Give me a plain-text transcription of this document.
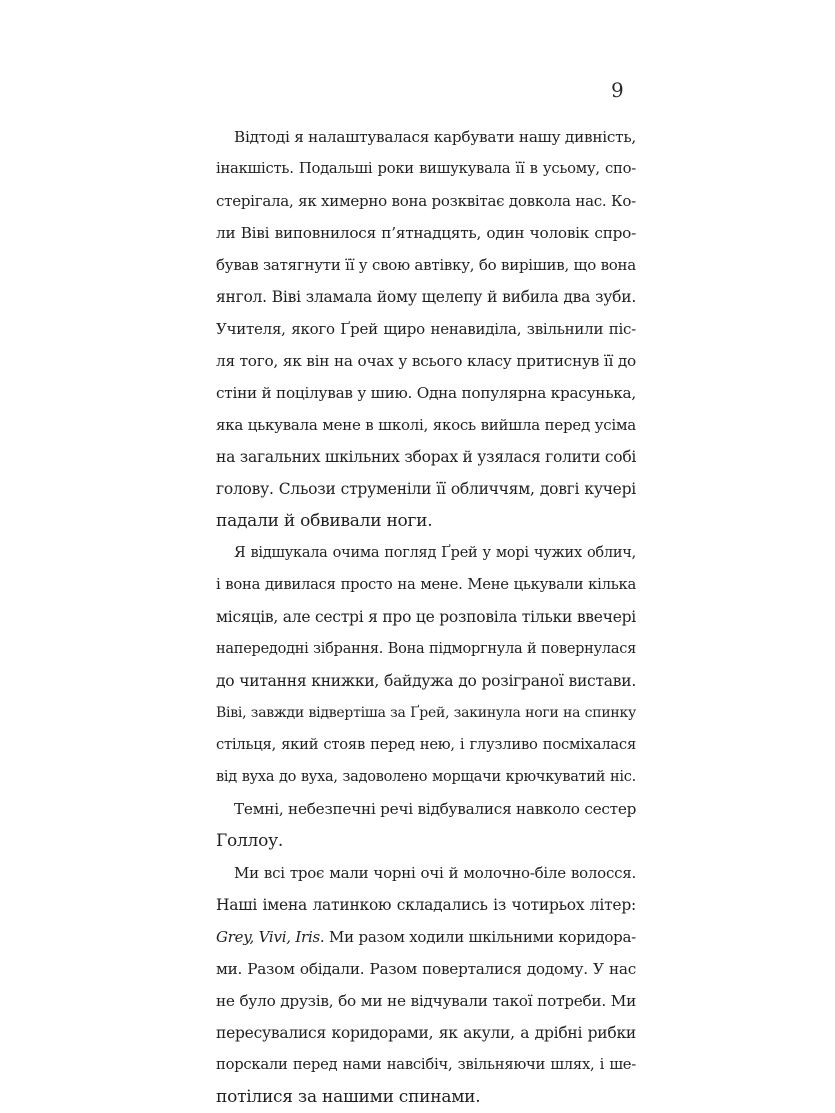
9
Відтоді я налаштувалася карбувати нашу дивність,
інакшість. Подальші роки вишукувала її в усьому, спо-
стерігала, як химерно вона розквітає довкола нас. Ко-
ли Віві виповнилося п’ятнадцять, один чоловік спро-
бував затягнути її у свою автівку, бо вирішив, що вона
янгол. Віві зламала йому щелепу й вибила два зуби.
Учителя, якого Ґрей щиро ненавиділа, звільнили піс-
ля того, як він на очах у всього класу притиснув її до
стіни й поцілував у шию. Одна популярна красунька,
яка цькувала мене в школі, якось вийшла перед усіма
на загальних шкільних зборах й узялася голити собі
голову. Сльози струменіли її обличчям, довгі кучері
падали й обвивали ноги.
Я відшукала очима погляд Ґрей у морі чужих облич,
і вона дивилася просто на мене. Мене цькували кілька
місяців, але сестрі я про це розповіла тільки ввечері
напередодні зібрання. Вона підморгнула й повернулася
до читання книжки, байдужа до розіграної вистави.
Віві, завжди відвертіша за Ґрей, закинула ноги на спинку
стільця, який стояв перед нею, і глузливо посміхалася
від вуха до вуха, задоволено морщачи крючкуватий ніс.
Темні, небезпечні речі відбувалися навколо сестер
Голлоу.
Ми всі троє мали чорні очі й молочно-біле волосся.
Наші імена латинкою складались із чотирьох літер:
Grey, Vivi, Iris. Ми разом ходили шкільними коридора-
ми. Разом обідали. Разом поверталися додому. У нас
не було друзів, бо ми не відчували такої потреби. Ми
пересувалися коридорами, як акули, а дрібні рибки
порскали перед нами навсібіч, звільняючи шлях, і ше-
потілися за нашими спинами.
